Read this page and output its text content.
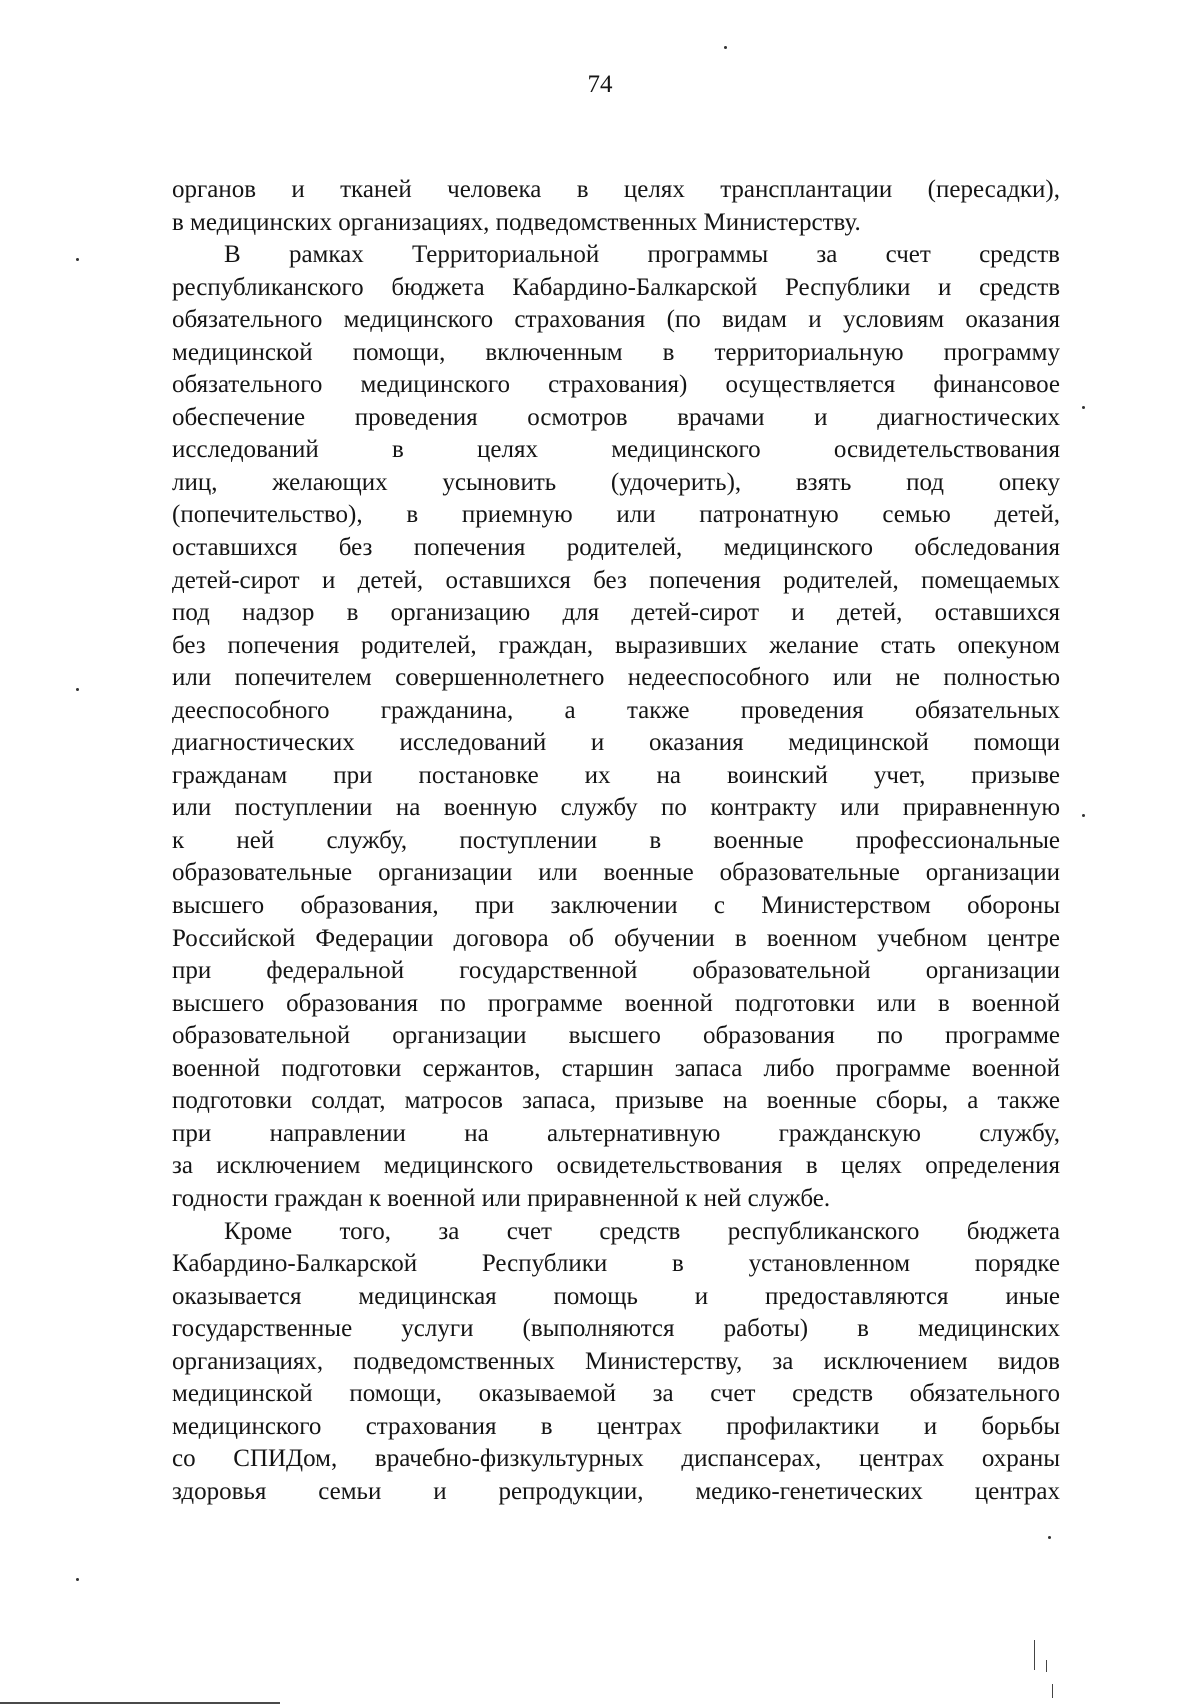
74

органов и тканей человека в целях трансплантации (пересадки),
в медицинских организациях, подведомственных Министерству.

В рамках Территориальной программы за счет средств
республиканского бюджета Кабардино-Балкарской Республики и средств
обязательного медицинского страхования (по видам и условиям оказания
медицинской помощи, включенным в территориальную программу
обязательного медицинского страхования) осуществляется финансовое
обеспечение проведения осмотров врачами и диагностических
исследований в целях медицинского освидетельствования
лиц, желающих усыновить (удочерить), взять под опеку
(попечительство), в приемную или патронатную семью детей,
оставшихся без попечения родителей, медицинского обследования
детей-сирот и детей, оставшихся без попечения родителей, помещаемых
под надзор в организацию для детей-сирот и детей, оставшихся
без попечения родителей, граждан, выразивших желание стать опекуном
или попечителем совершеннолетнего недееспособного или не полностью
дееспособного гражданина, а также проведения обязательных
диагностических исследований и оказания медицинской помощи
гражданам при постановке их на воинский учет, призыве
или поступлении на военную службу по контракту или приравненную
к ней службу, поступлении в военные профессиональные
образовательные организации или военные образовательные организации
высшего образования, при заключении с Министерством обороны
Российской Федерации договора об обучении в военном учебном центре
при федеральной государственной образовательной организации
высшего образования по программе военной подготовки или в военной
образовательной организации высшего образования по программе
военной подготовки сержантов, старшин запаса либо программе военной
подготовки солдат, матросов запаса, призыве на военные сборы, а также
при направлении на альтернативную гражданскую службу,
за исключением медицинского освидетельствования в целях определения
годности граждан к военной или приравненной к ней службе.

Кроме того, за счет средств республиканского бюджета
Кабардино-Балкарской Республики в установленном порядке
оказывается медицинская помощь и предоставляются иные
государственные услуги (выполняются работы) в медицинских
организациях, подведомственных Министерству, за исключением видов
медицинской помощи, оказываемой за счет средств обязательного
медицинского страхования в центрах профилактики и борьбы
со СПИДом, врачебно-физкультурных диспансерах, центрах охраны
здоровья семьи и репродукции, медико-генетических центрах
